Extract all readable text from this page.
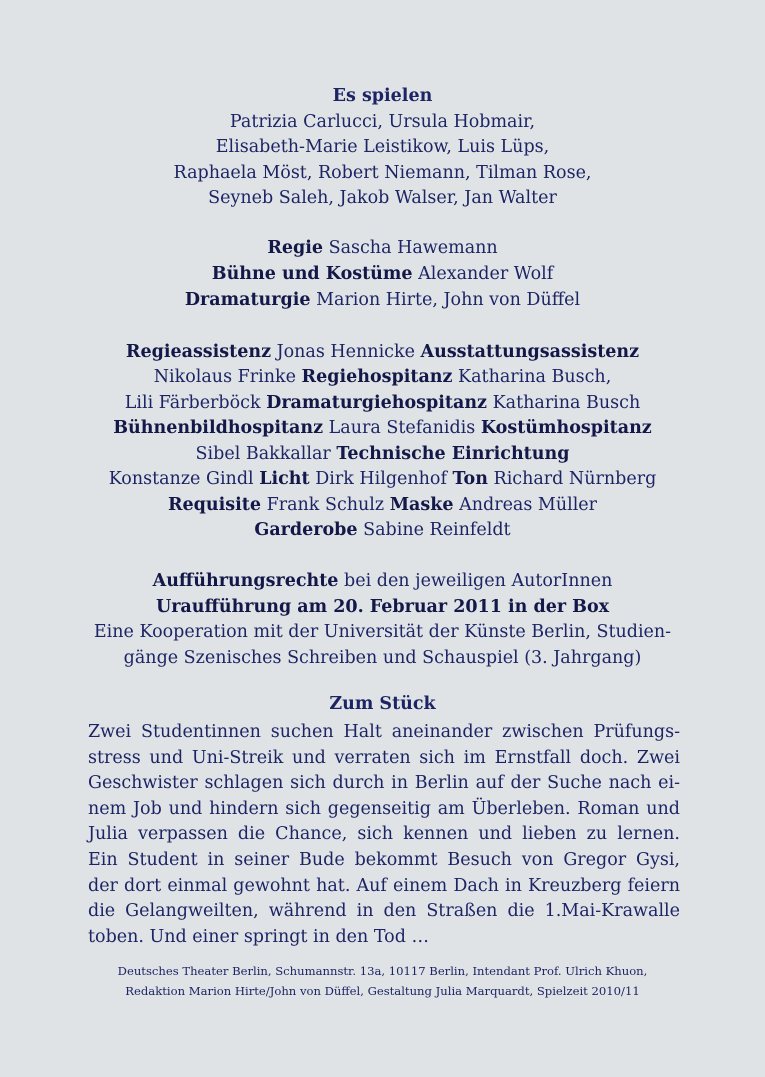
Es spielen
Patrizia Carlucci, Ursula Hobmair,
Elisabeth-Marie Leistikow, Luis Lüps,
Raphaela Möst, Robert Niemann, Tilman Rose,
Seyneb Saleh, Jakob Walser, Jan Walter
Regie Sascha Hawemann
Bühne und Kostüme Alexander Wolf
Dramaturgie Marion Hirte, John von Düffel
Regieassistenz Jonas Hennicke Ausstattungsassistenz
Nikolaus Frinke Regiehospitanz Katharina Busch,
Lili Färberböck Dramaturgiehospitanz Katharina Busch
Bühnenbildhospitanz Laura Stefanidis Kostümhospitanz
Sibel Bakkallar Technische Einrichtung
Konstanze Gindl Licht Dirk Hilgenhof Ton Richard Nürnberg
Requisite Frank Schulz Maske Andreas Müller
Garderobe Sabine Reinfeldt
Aufführungsrechte bei den jeweiligen AutorInnen
Uraufführung am 20. Februar 2011 in der Box
Eine Kooperation mit der Universität der Künste Berlin, Studien-
gänge Szenisches Schreiben und Schauspiel (3. Jahrgang)
Zum Stück
Zwei Studentinnen suchen Halt aneinander zwischen Prüfungs-
stress und Uni-Streik und verraten sich im Ernstfall doch. Zwei
Geschwister schlagen sich durch in Berlin auf der Suche nach ei-
nem Job und hindern sich gegenseitig am Überleben. Roman und
Julia verpassen die Chance, sich kennen und lieben zu lernen.
Ein Student in seiner Bude bekommt Besuch von Gregor Gysi,
der dort einmal gewohnt hat. Auf einem Dach in Kreuzberg feiern
die Gelangweilten, während in den Straßen die 1.Mai-Krawalle
toben. Und einer springt in den Tod …
Deutsches Theater Berlin, Schumannstr. 13a, 10117 Berlin, Intendant Prof. Ulrich Khuon,
Redaktion Marion Hirte/John von Düffel, Gestaltung Julia Marquardt, Spielzeit 2010/11
